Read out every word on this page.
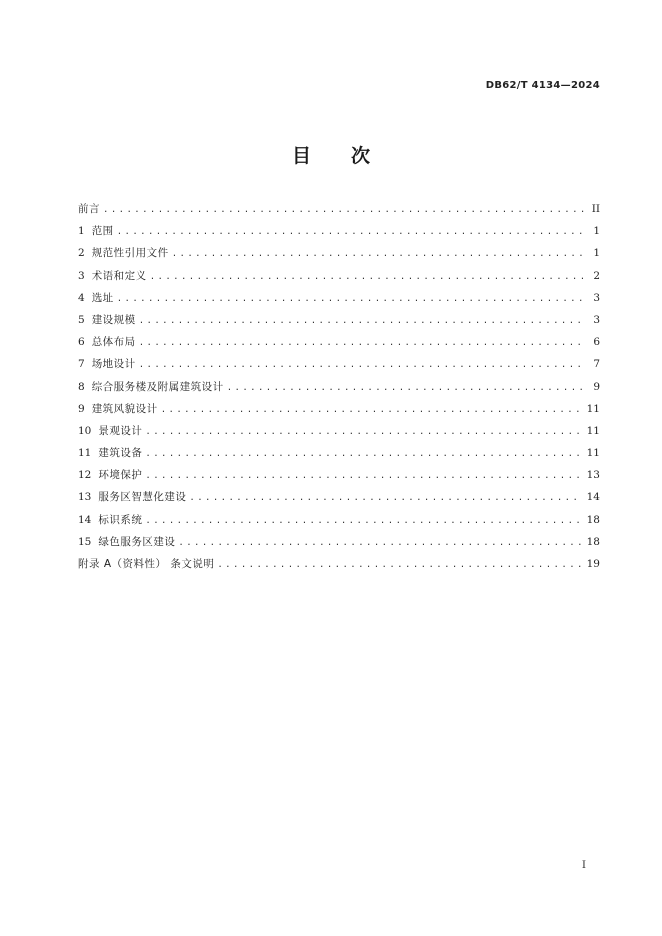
DB62/T 4134—2024
目次
前言 .....	II
1 范围 .....	1
2 规范性引用文件 .....	1
3 术语和定义 .....	2
4 选址 .....	3
5 建设规模 .....	3
6 总体布局 .....	6
7 场地设计 .....	7
8 综合服务楼及附属建筑设计 .....	9
9 建筑风貌设计 .....	11
10 景观设计 .....	11
11 建筑设备 .....	11
12 环境保护 .....	13
13 服务区智慧化建设 .....	14
14 标识系统 .....	18
15 绿色服务区建设 .....	18
附录 A（资料性） 条文说明 .....	19
I
